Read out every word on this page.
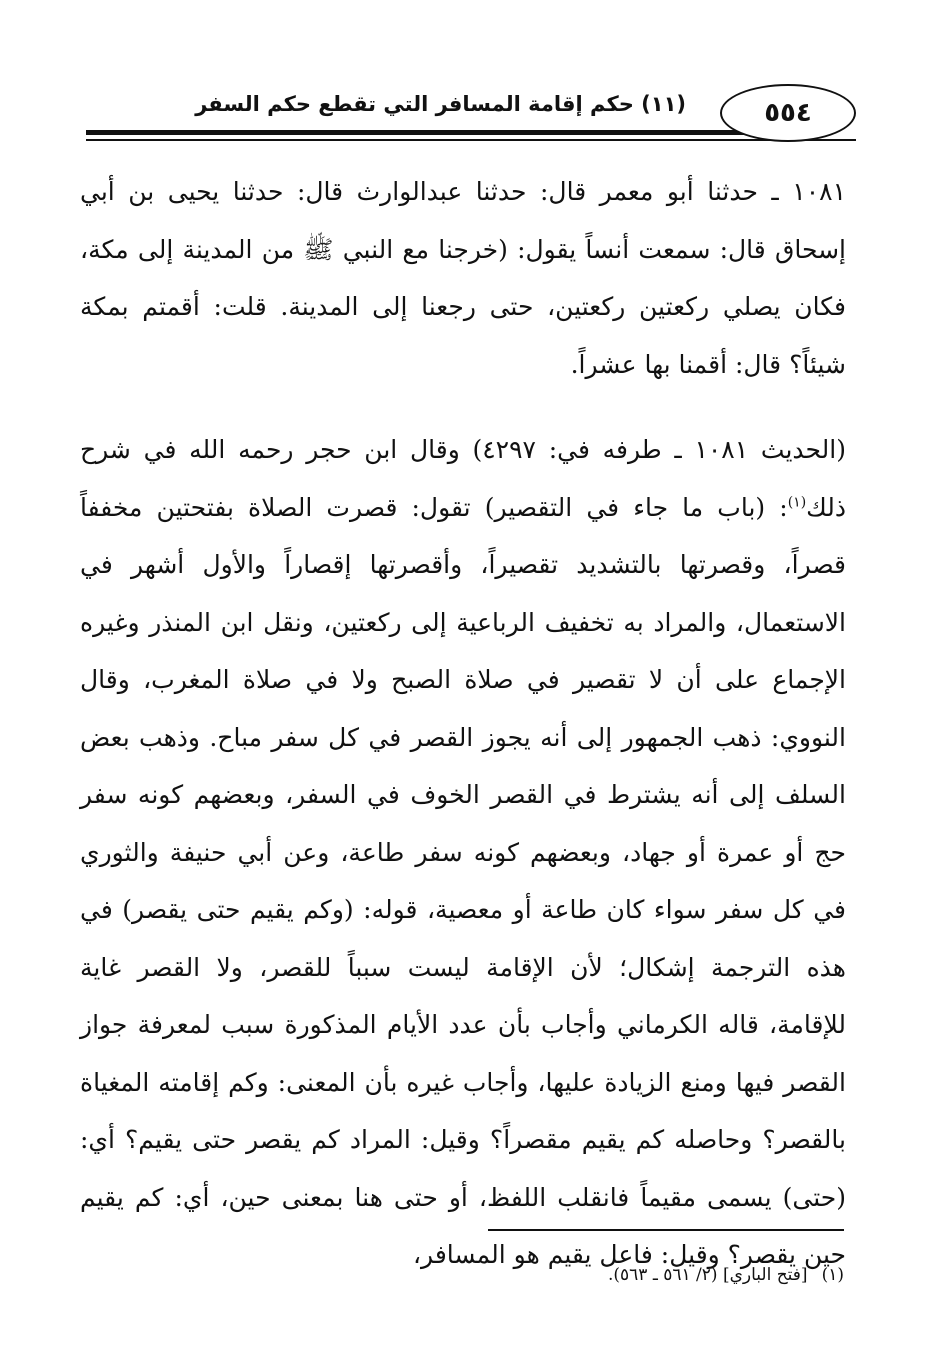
٥٥٤
(١١) حكم إقامة المسافر التي تقطع حكم السفر

١٠٨١ ـ حدثنا أبو معمر قال: حدثنا عبدالوارث قال: حدثنا يحيى بن أبي إسحاق قال: سمعت أنساً يقول: (خرجنا مع النبي ﷺ من المدينة إلى مكة، فكان يصلي ركعتين ركعتين، حتى رجعنا إلى المدينة. قلت: أقمتم بمكة شيئاً؟ قال: أقمنا بها عشراً.

(الحديث ١٠٨١ ـ طرفه في: ٤٢٩٧) وقال ابن حجر رحمه الله في شرح ذلك$^{(١)}$: (باب ما جاء في التقصير) تقول: قصرت الصلاة بفتحتين مخففاً قصراً، وقصرتها بالتشديد تقصيراً، وأقصرتها إقصاراً والأول أشهر في الاستعمال، والمراد به تخفيف الرباعية إلى ركعتين، ونقل ابن المنذر وغيره الإجماع على أن لا تقصير في صلاة الصبح ولا في صلاة المغرب، وقال النووي: ذهب الجمهور إلى أنه يجوز القصر في كل سفر مباح. وذهب بعض السلف إلى أنه يشترط في القصر الخوف في السفر، وبعضهم كونه سفر حج أو عمرة أو جهاد، وبعضهم كونه سفر طاعة، وعن أبي حنيفة والثوري في كل سفر سواء كان طاعة أو معصية، قوله: (وكم يقيم حتى يقصر) في هذه الترجمة إشكال؛ لأن الإقامة ليست سبباً للقصر، ولا القصر غاية للإقامة، قاله الكرماني وأجاب بأن عدد الأيام المذكورة سبب لمعرفة جواز القصر فيها ومنع الزيادة عليها، وأجاب غيره بأن المعنى: وكم إقامته المغياة بالقصر؟ وحاصله كم يقيم مقصراً؟ وقيل: المراد كم يقصر حتى يقيم؟ أي: (حتى) يسمى مقيماً فانقلب اللفظ، أو حتى هنا بمعنى حين، أي: كم يقيم حين يقصر؟ وقيل: فاعل يقيم هو المسافر،

(١)[فتح الباري] (٢/ ٥٦١ ـ ٥٦٣).
